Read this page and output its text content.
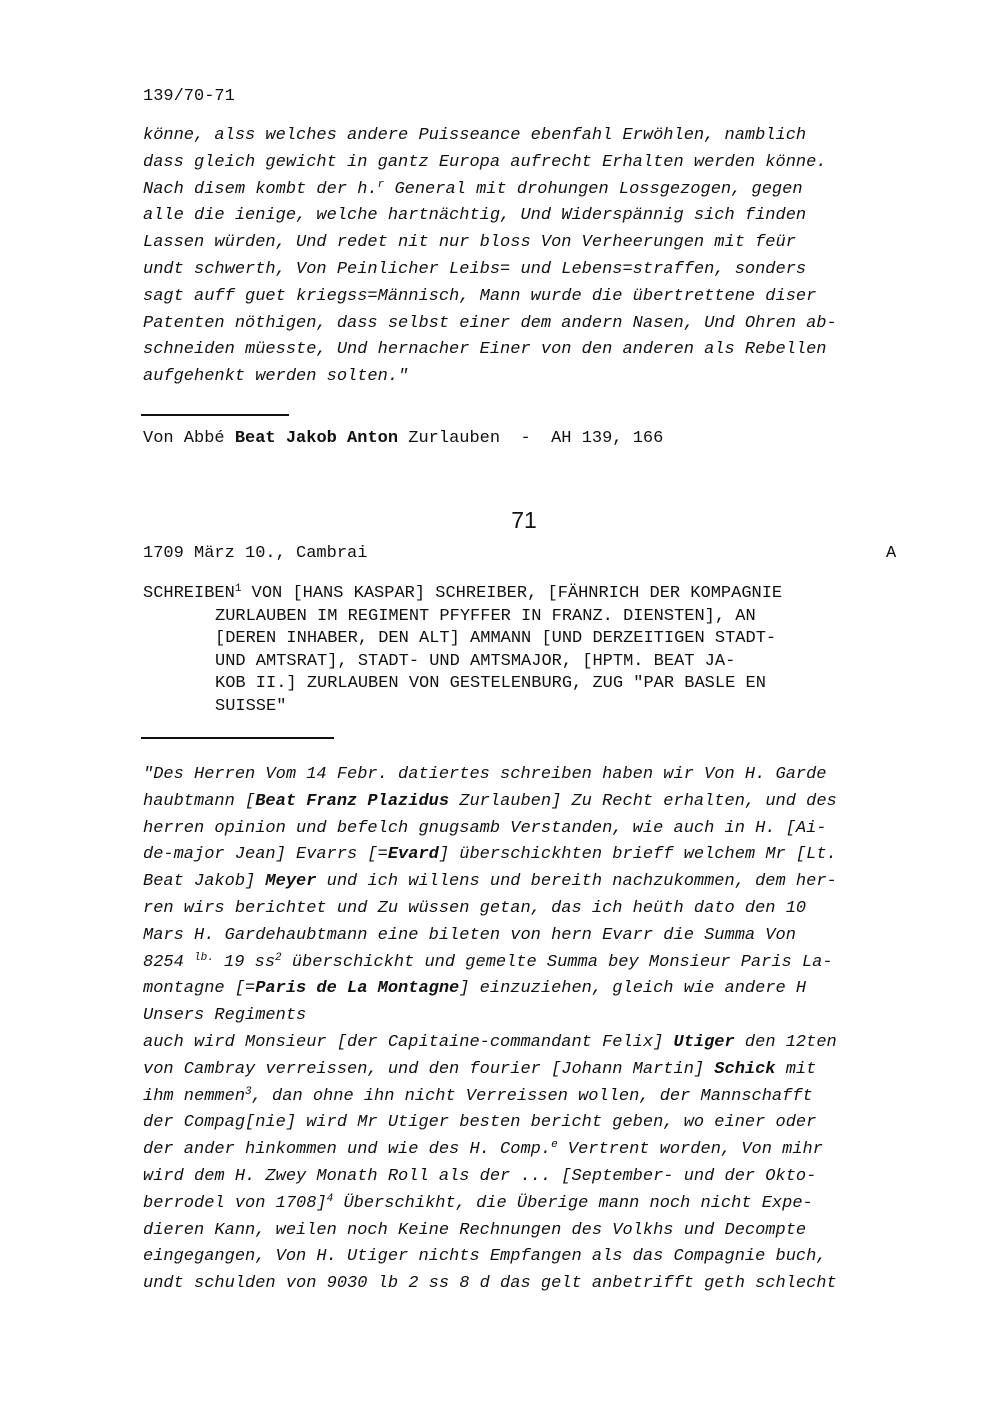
139/70-71
könne, alss welches andere Puisseance ebenfahl Erwöhlen, namblich
dass gleich gewicht in gantz Europa aufrecht Erhalten werden könne.
Nach disem kombt der h.$^r$ General mit drohungen Lossgezogen, gegen
alle die ienige, welche hartnächtig, Und Widerspännig sich finden
Lassen würden, Und redet nit nur bloss Von Verheerungen mit feür
undt schwerth, Von Peinlicher Leibs= und Lebens=straffen, sonders
sagt auff guet kriegss=Männisch, Mann wurde die übertrettene diser
Patenten nöthigen, dass selbst einer dem andern Nasen, Und Ohren ab-
schneiden müesste, Und hernacher Einer von den anderen als Rebellen
aufgehenkt werden solten."
Von Abbé Beat Jakob Anton Zurlauben  -  AH 139, 166
71
1709 März 10., Cambrai	A
SCHREIBEN$^1$ VON [HANS KASPAR] SCHREIBER, [FÄHNRICH DER KOMPAGNIE
ZURLAUBEN IM REGIMENT PFYFFER IN FRANZ. DIENSTEN], AN
[DEREN INHABER, DEN ALT] AMMANN [UND DERZEITIGEN STADT-
UND AMTSRAT], STADT- UND AMTSMAJOR, [HPTM. BEAT JA-
KOB II.] ZURLAUBEN VON GESTELENBURG, ZUG "PAR BASLE EN
SUISSE"
"Des Herren Vom 14 Febr. datiertes schreiben haben wir Von H. Garde
haubtmann [Beat Franz Plazidus Zurlauben] Zu Recht erhalten, und des
herren opinion und befelch gnugsamb Verstanden, wie auch in H. [Ai-
de-major Jean] Evarrs [=Evard] überschickhten brieff welchem Mr [Lt.
Beat Jakob] Meyer und ich willens und bereith nachzukommen, dem her-
ren wirs berichtet und Zu wüssen getan, das ich heüth dato den 10
Mars H. Gardehaubtmann eine bileten von hern Evarr die Summa Von
8254 $^{lb.}$ 19 $ss^2$ überschickht und gemelte Summa bey Monsieur Paris La-
montagne [=Paris de La Montagne] einzuziehen, gleich wie andere H
Unsers Regiments
auch wird Monsieur [der Capitaine-commandant Felix] Utiger den 12ten
von Cambray verreissen, und den fourier [Johann Martin] Schick mit
ihm nemmen$^3$, dan ohne ihn nicht Verreissen wollen, der Mannschafft
der Compag[nie] wird Mr Utiger besten bericht geben, wo einer oder
der ander hinkommen und wie des H. Comp.$^e$ Vertrent worden, Von mihr
wird dem H. Zwey Monath Roll als der ... [September- und der Okto-
berrodel von 1708]$^4$ Überschikht, die Überige mann noch nicht Expe-
dieren Kann, weilen noch Keine Rechnungen des Volkhs und Decompte
eingegangen, Von H. Utiger nichts Empfangen als das Compagnie buch,
undt schulden von 9030 lb 2 ss 8 d das gelt anbetrifft geth schlecht
